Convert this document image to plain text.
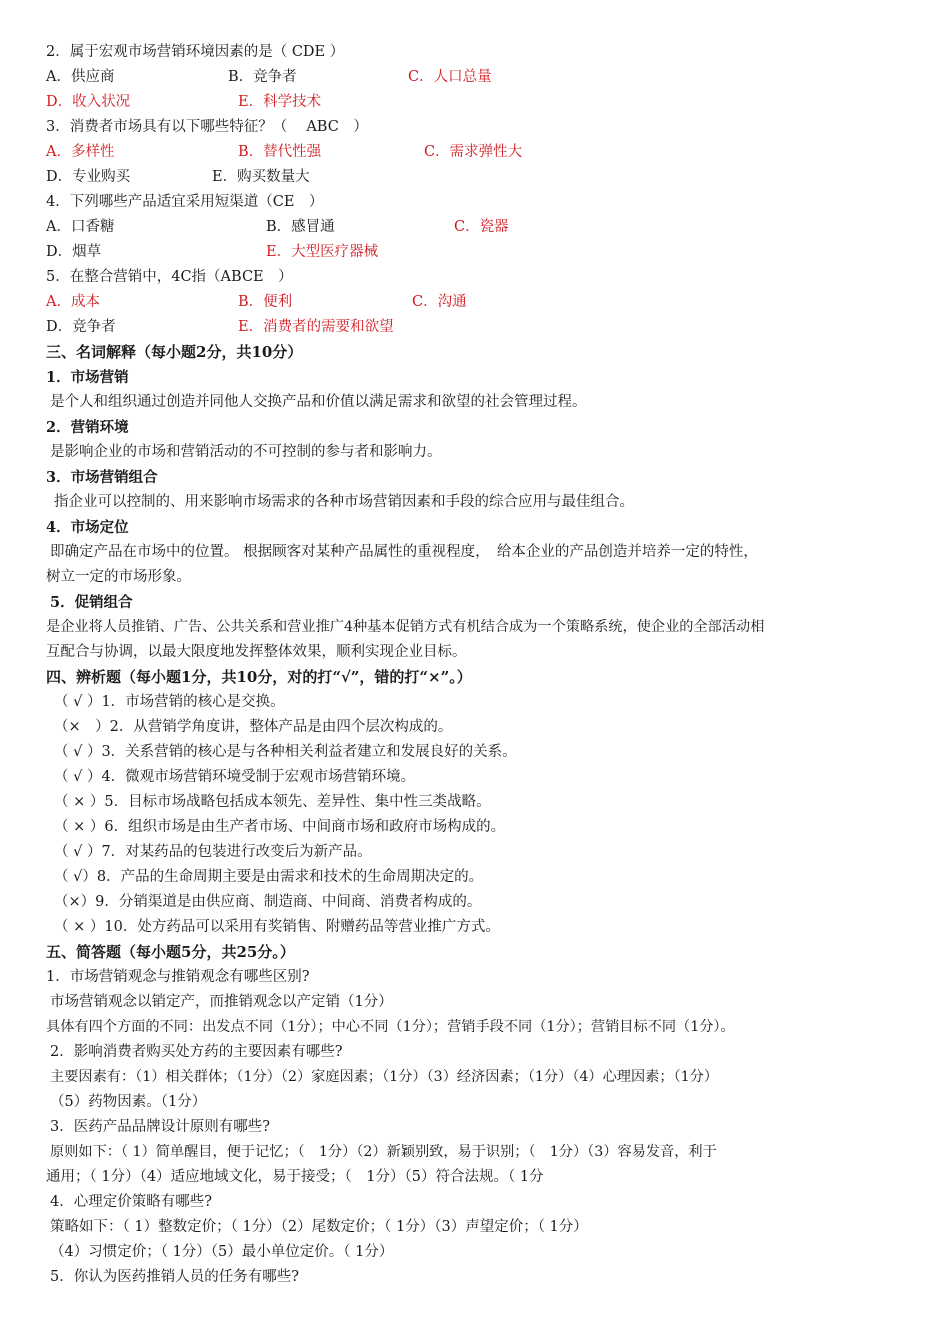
2．属于宏观市场营销环境因素的是（ CDE ）
A．供应商	B．竞争者	C．人口总量
D．收入状况	E．科学技术
3．消费者市场具有以下哪些特征？（　 ABC　）
A．多样性	B．替代性强	C．需求弹性大
D．专业购买	E．购买数量大
4．下列哪些产品适宜采用短渠道（CE　）
A．口香糖	B．感冒通	C．瓷器
D．烟草	E．大型医疗器械
5．在整合营销中，4C指（ABCE　）
A．成本	B．便利	C．沟通
D．竞争者	E．消费者的需要和欲望
三、名词解释（每小题2分，共10分）
1．市场营销
是个人和组织通过创造并同他人交换产品和价值以满足需求和欲望的社会管理过程。
2．营销环境
是影响企业的市场和营销活动的不可控制的参与者和影响力。
3．市场营销组合
指企业可以控制的、用来影响市场需求的各种市场营销因素和手段的综合应用与最佳组合。
4．市场定位
即确定产品在市场中的位置。 根据顾客对某种产品属性的重视程度，　给本企业的产品创造并培养一定的特性，
树立一定的市场形象。
5．促销组合
是企业将人员推销、广告、公共关系和营业推广4种基本促销方式有机结合成为一个策略系统，使企业的全部活动相
互配合与协调，以最大限度地发挥整体效果，顺利实现企业目标。
四、辨析题（每小题1分，共10分，对的打“√”，错的打“×”。）
（ √ ）1．市场营销的核心是交换。
（×　）2．从营销学角度讲，整体产品是由四个层次构成的。
（ √ ）3．关系营销的核心是与各种相关利益者建立和发展良好的关系。
（ √ ）4．微观市场营销环境受制于宏观市场营销环境。
（ × ）5．目标市场战略包括成本领先、差异性、集中性三类战略。
（ × ）6．组织市场是由生产者市场、中间商市场和政府市场构成的。
（ √ ）7．对某药品的包装进行改变后为新产品。
（ √）8．产品的生命周期主要是由需求和技术的生命周期决定的。
（×）9．分销渠道是由供应商、制造商、中间商、消费者构成的。
（ × ）10．处方药品可以采用有奖销售、附赠药品等营业推广方式。
五、简答题（每小题5分，共25分。）
1．市场营销观念与推销观念有哪些区别?
市场营销观念以销定产，而推销观念以产定销（1分）
具体有四个方面的不同：出发点不同（1分）；中心不同（1分）；营销手段不同（1分）；营销目标不同（1分）。
2．影响消费者购买处方药的主要因素有哪些?
主要因素有：（1）相关群体；（1分）（2）家庭因素；（1分）（3）经济因素；（1分）（4）心理因素；（1分）
（5）药物因素。（1分）
3．医药产品品牌设计原则有哪些?
原则如下：（ 1）简单醒目，便于记忆；（　1分）（2）新颖别致，易于识别；（　1分）（3）容易发音，利于
通用；（ 1分）（4）适应地域文化，易于接受；（　1分）（5）符合法规。（ 1分
4．心理定价策略有哪些?
策略如下：（ 1）整数定价；（ 1分）（2）尾数定价；（ 1分）（3）声望定价；（ 1分）
（4）习惯定价；（ 1分）（5）最小单位定价。（ 1分）
5．你认为医药推销人员的任务有哪些?
